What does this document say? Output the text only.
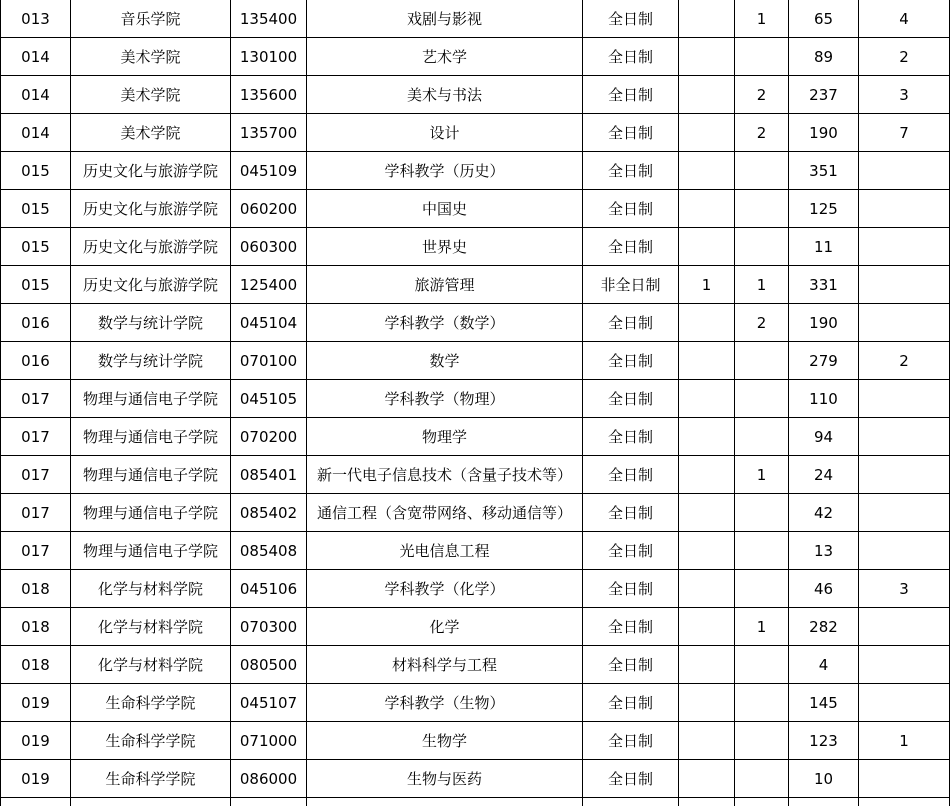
013	音乐学院	135400	戏剧与影视	全日制		1	65	4
014	美术学院	130100	艺术学	全日制			89	2
014	美术学院	135600	美术与书法	全日制		2	237	3
014	美术学院	135700	设计	全日制		2	190	7
015	历史文化与旅游学院	045109	学科教学（历史）	全日制			351	
015	历史文化与旅游学院	060200	中国史	全日制			125	
015	历史文化与旅游学院	060300	世界史	全日制			11	
015	历史文化与旅游学院	125400	旅游管理	非全日制	1	1	331	
016	数学与统计学院	045104	学科教学（数学）	全日制		2	190	
016	数学与统计学院	070100	数学	全日制			279	2
017	物理与通信电子学院	045105	学科教学（物理）	全日制			110	
017	物理与通信电子学院	070200	物理学	全日制			94	
017	物理与通信电子学院	085401	新一代电子信息技术（含量子技术等）	全日制		1	24	
017	物理与通信电子学院	085402	通信工程（含宽带网络、移动通信等）	全日制			42	
017	物理与通信电子学院	085408	光电信息工程	全日制			13	
018	化学与材料学院	045106	学科教学（化学）	全日制			46	3
018	化学与材料学院	070300	化学	全日制		1	282	
018	化学与材料学院	080500	材料科学与工程	全日制			4	
019	生命科学学院	045107	学科教学（生物）	全日制			145	
019	生命科学学院	071000	生物学	全日制			123	1
019	生命科学学院	086000	生物与医药	全日制			10	
